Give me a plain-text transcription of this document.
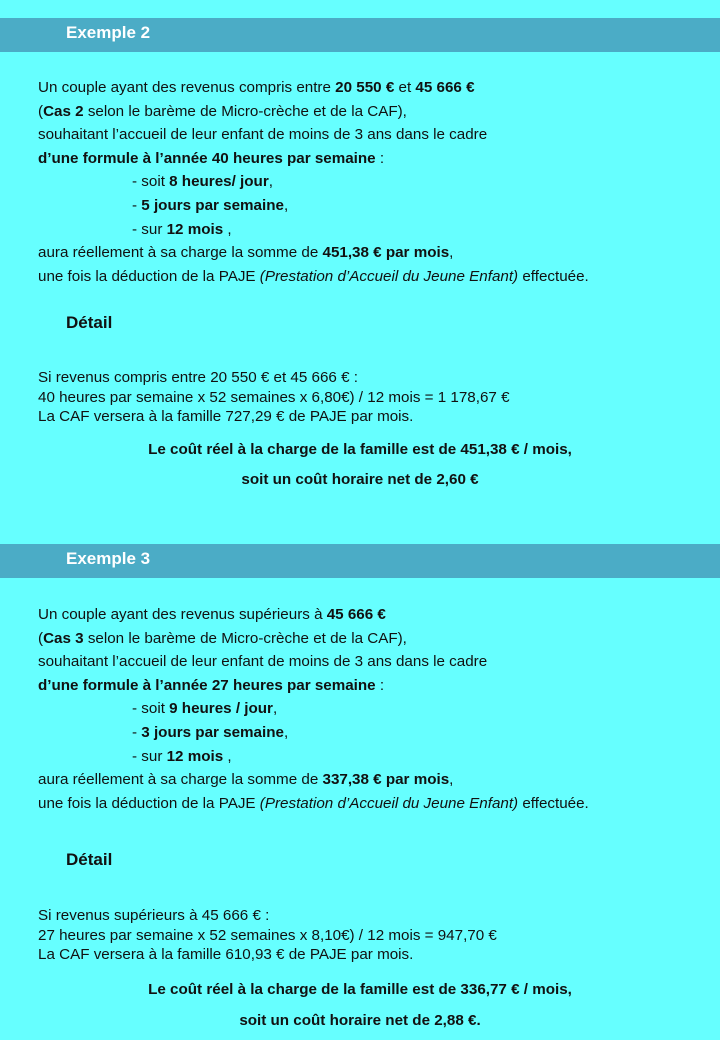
Exemple 2
Un couple ayant des revenus compris entre 20 550 € et 45 666 €
(Cas 2 selon le barème de Micro-crèche et de la CAF),
souhaitant l’accueil de leur enfant de moins de 3 ans dans le cadre
d’une formule à l’année 40 heures par semaine :
- soit 8 heures/ jour,
- 5 jours par semaine,
- sur 12 mois ,
aura réellement à sa charge la somme de 451,38 € par mois,
une fois la déduction de la PAJE (Prestation d’Accueil du Jeune Enfant) effectuée.
Détail
Si revenus compris entre 20 550 € et 45 666 € :
40 heures par semaine x 52 semaines x 6,80€) / 12 mois = 1 178,67 €
La CAF versera à la famille 727,29 € de PAJE par mois.
Le coût réel à la charge de la famille est de 451,38 € / mois,
soit un coût horaire net de 2,60 €
Exemple 3
Un couple ayant des revenus supérieurs à 45 666 €
(Cas 3 selon le barème de Micro-crèche et de la CAF),
souhaitant l’accueil de leur enfant de moins de 3 ans dans le cadre
d’une formule à l’année 27 heures par semaine :
- soit 9 heures / jour,
- 3 jours par semaine,
- sur 12 mois ,
aura réellement à sa charge la somme de 337,38 € par mois,
une fois la déduction de la PAJE (Prestation d’Accueil du Jeune Enfant) effectuée.
Détail
Si revenus supérieurs à 45 666 € :
27 heures par semaine x 52 semaines x 8,10€) / 12 mois = 947,70 €
La CAF versera à la famille 610,93 € de PAJE par mois.
Le coût réel à la charge de la famille est de 336,77 € / mois,
soit un coût horaire net de 2,88 €.
